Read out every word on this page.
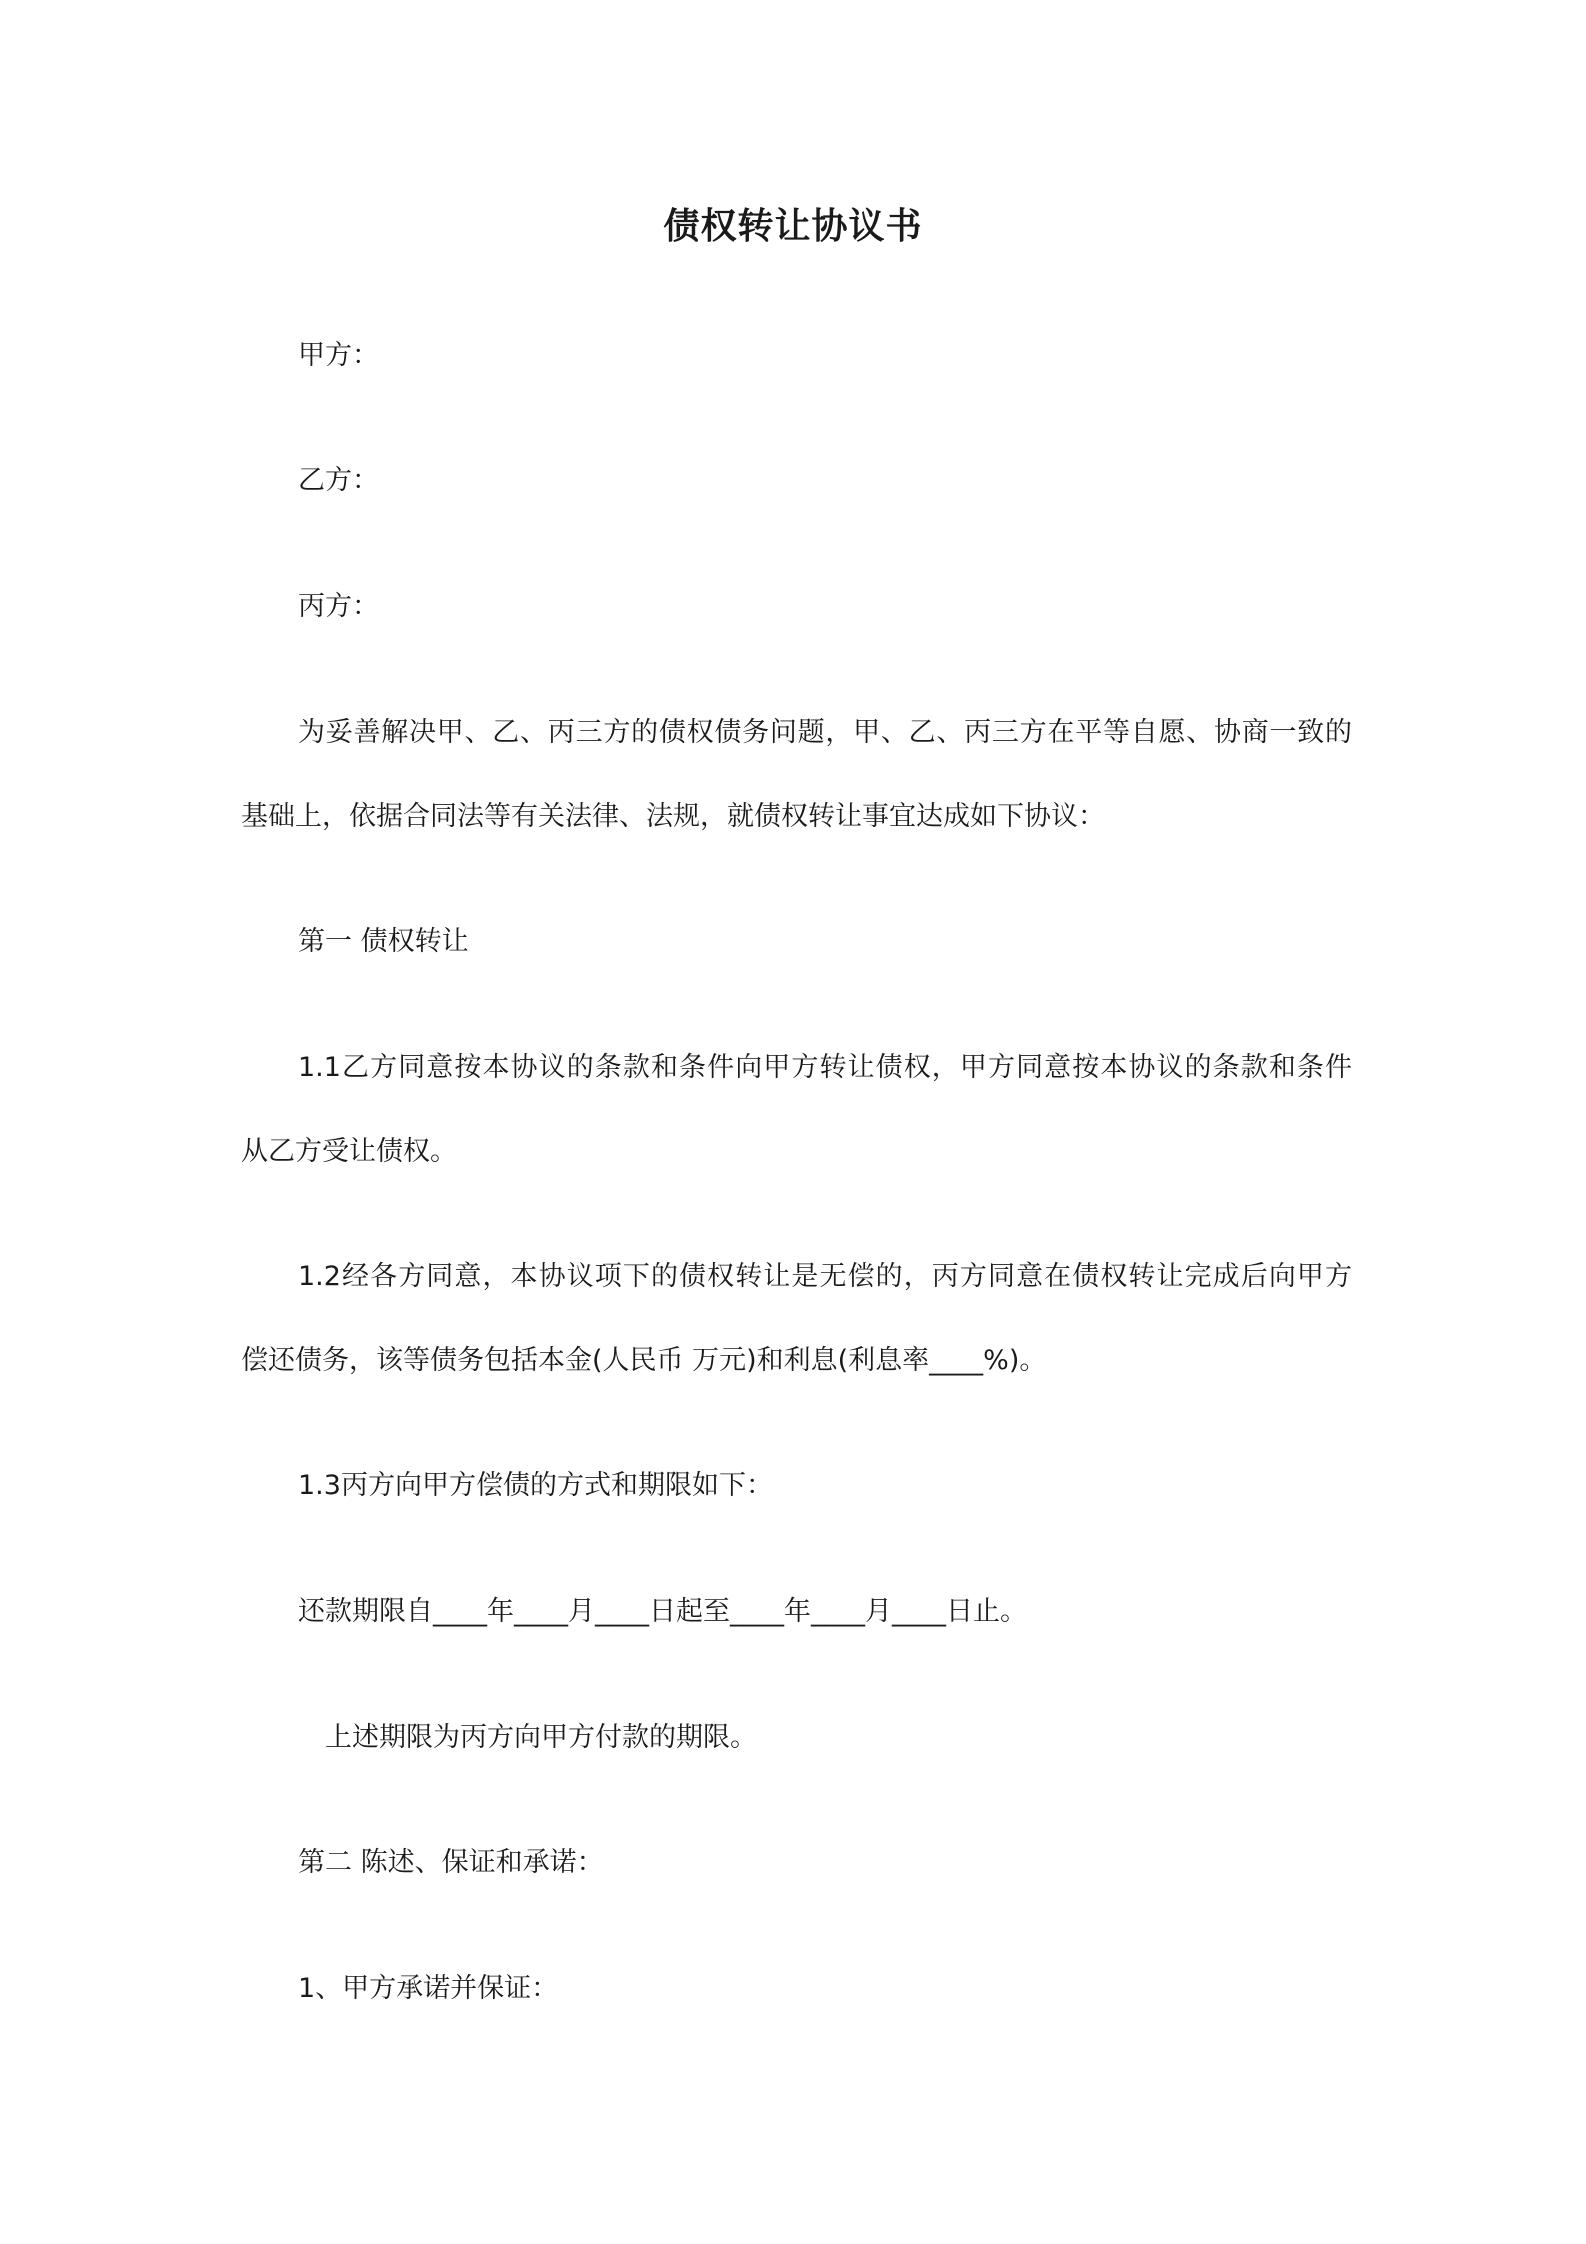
债权转让协议书
甲方：
乙方：
丙方：
为妥善解决甲、乙、丙三方的债权债务问题，甲、乙、丙三方在平等自愿、协商一致的
基础上，依据合同法等有关法律、法规，就债权转让事宜达成如下协议：
第一 债权转让
1.1乙方同意按本协议的条款和条件向甲方转让债权，甲方同意按本协议的条款和条件
从乙方受让债权。
1.2经各方同意，本协议项下的债权转让是无偿的，丙方同意在债权转让完成后向甲方
偿还债务，该等债务包括本金(人民币 万元)和利息(利息率____%)。
1.3丙方向甲方偿债的方式和期限如下：
还款期限自____年____月____日起至____年____月____日止。
上述期限为丙方向甲方付款的期限。
第二 陈述、保证和承诺：
1、甲方承诺并保证：
